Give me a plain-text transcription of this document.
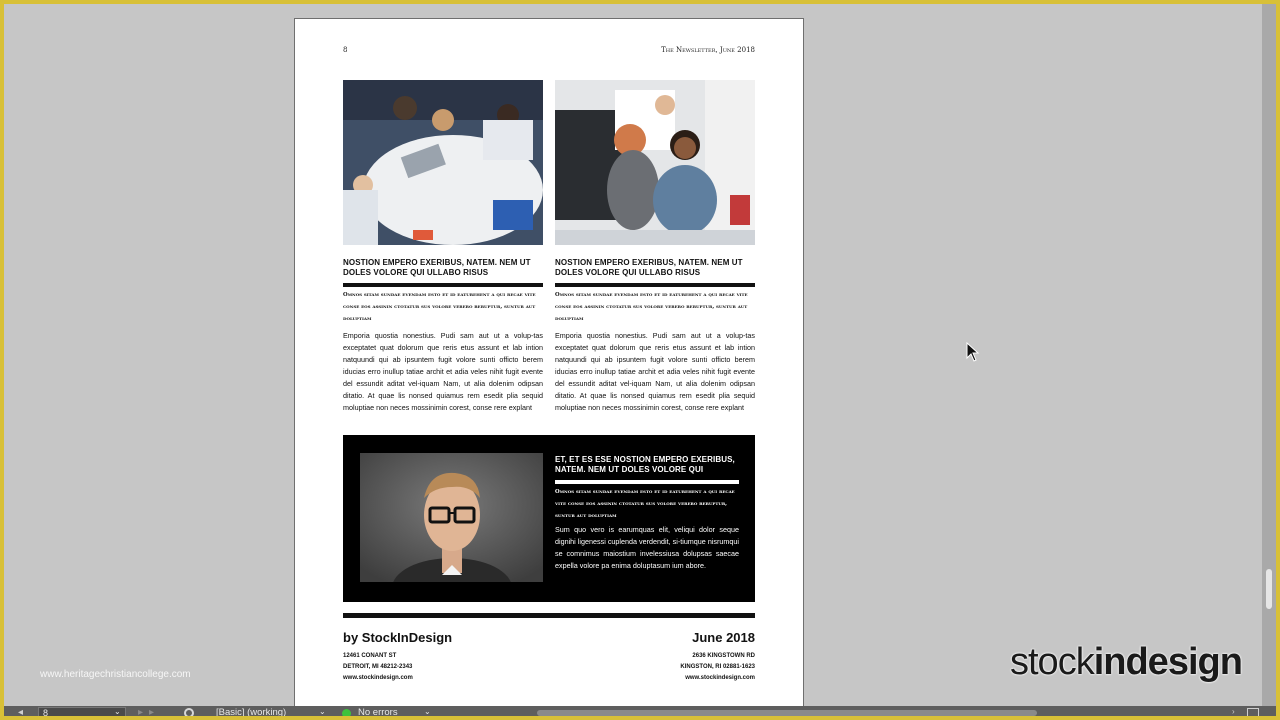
8	The Newsletter, June 2018
NOSTION EMPERO EXERIBUS, NATEM. NEM UT DOLES VOLORE QUI ULLABO RISUS
Omnos sitam sundae evendam esto et id eaturehent a qui recae vite conse eos assinin ctotatur sus volore verero beruptur, suntur aut doluptiam
Emporia quostia nonestius. Pudi sam aut ut a volup-tas exceptatet quat dolorum que reris etus assunt et lab intion natquundi qui ab ipsuntem fugit volore sunti officto berem iducias erro inullup tatiae archit et adia veles nihit fugit evente del essundit aditat vel-iquam Nam, ut alia dolenim odipsan ditatio. At quae lis nonsed quiamus rem esedit plia sequid moluptiae non neces mossinimin corest, conse rere explant
NOSTION EMPERO EXERIBUS, NATEM. NEM UT DOLES VOLORE QUI ULLABO RISUS
Omnos sitam sundae evendam esto et id eaturehent a qui recae vite conse eos assinin ctotatur sus volore verero beruptur, suntur aut doluptiam
Emporia quostia nonestius. Pudi sam aut ut a volup-tas exceptatet quat dolorum que reris etus assunt et lab intion natquundi qui ab ipsuntem fugit volore sunti officto berem iducias erro inullup tatiae archit et adia veles nihit fugit evente del essundit aditat vel-iquam Nam, ut alia dolenim odipsan ditatio. At quae lis nonsed quiamus rem esedit plia sequid moluptiae non neces mossinimin corest, conse rere explant
ET, ET ES ESE NOSTION EMPERO EXERIBUS, NATEM. NEM UT DOLES VOLORE QUI
Omnos sitam sundae evendam esto et id eaturehent a qui recae vite conse eos assinin ctotatur sus volore verero beruptur, suntur aut doluptiam
Sum quo vero is earumquas elit, veliqui dolor seque dignihi ligenessi cuplenda verdendit, si-tiumque nisrumqui se comnimus maiostium invelessiusa dolupsas saecae expella volore pa enima doluptasum ium abore.
by StockInDesign	June 2018
12461 CONANT ST
DETROIT, MI 48212-2343
www.stockindesign.com
2636 KINGSTOWN RD
KINGSTON, RI 02881-1623
www.stockindesign.com
www.heritagechristiancollege.com	stockindesign
◂	8	⌄ ▸▸	[Basic] (working)	⌄	No errors	⌄	›
